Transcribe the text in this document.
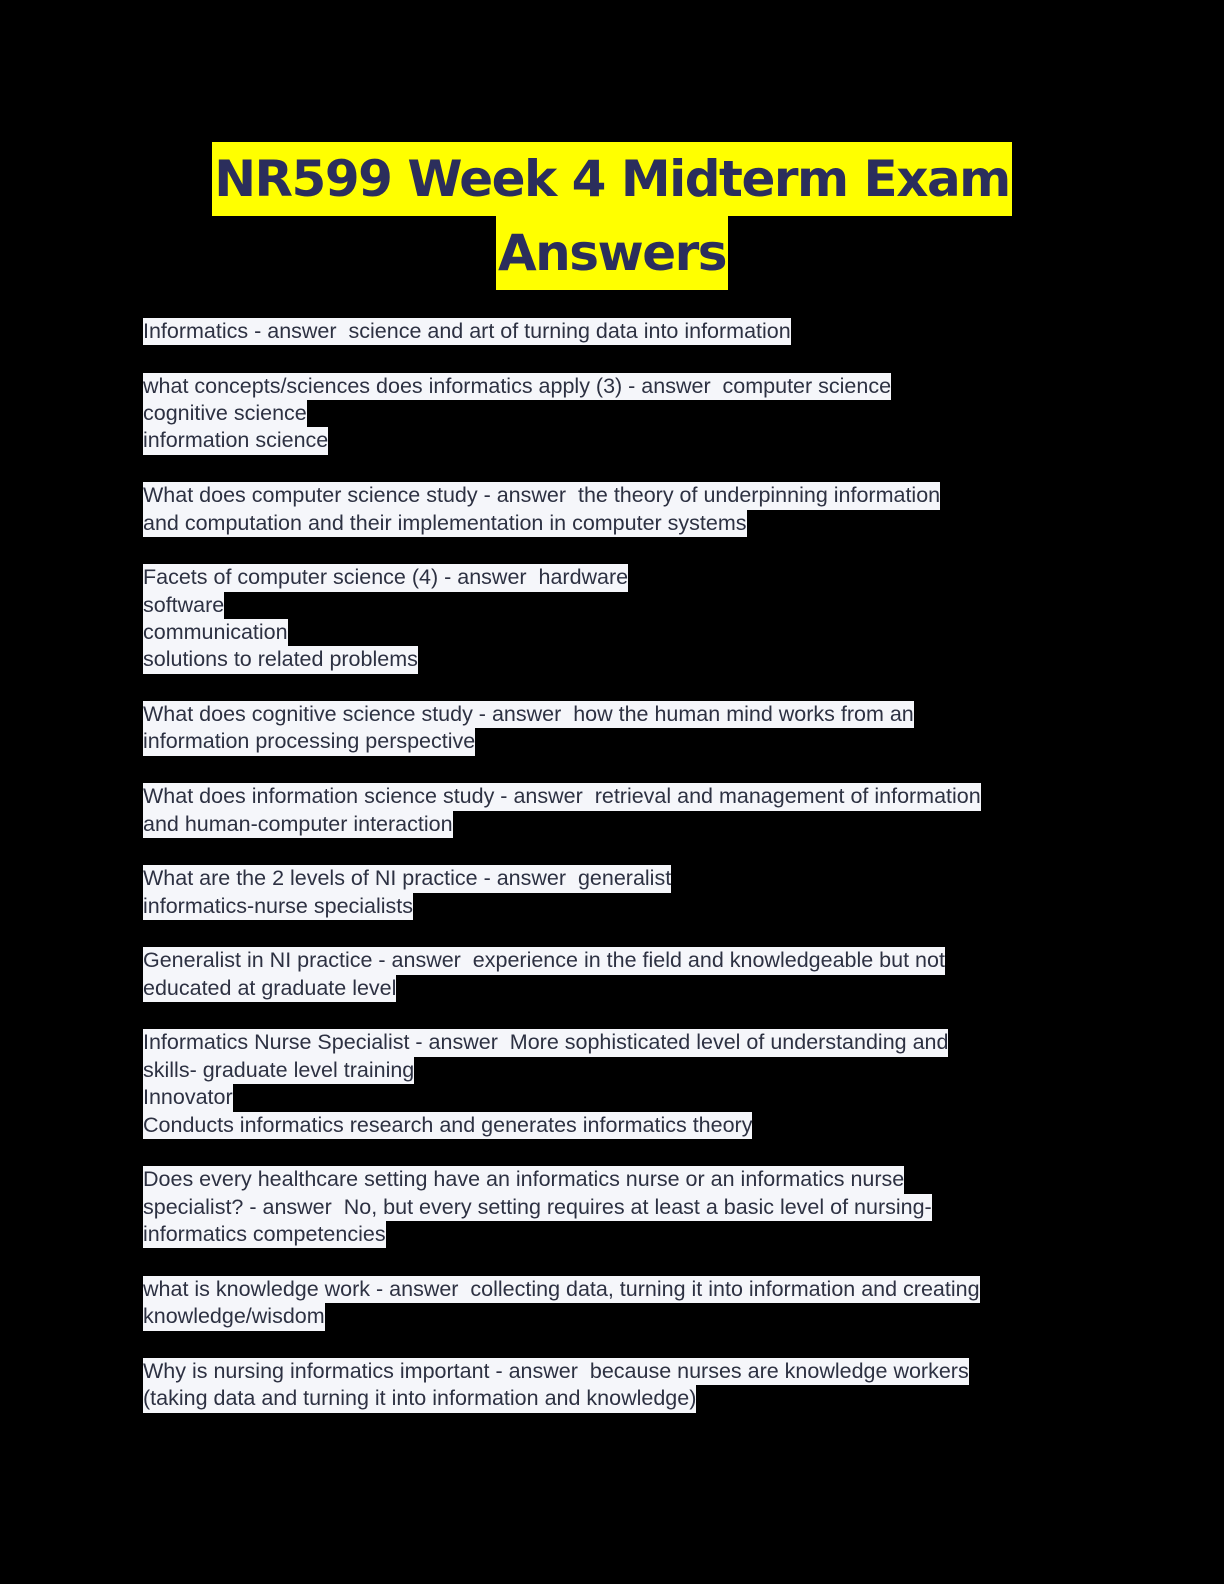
NR599 Week 4 Midterm Exam
Answers
Informatics - answer  science and art of turning data into information
what concepts/sciences does informatics apply (3) - answer  computer science
cognitive science
information science
What does computer science study - answer  the theory of underpinning information
and computation and their implementation in computer systems
Facets of computer science (4) - answer  hardware
software
communication
solutions to related problems
What does cognitive science study - answer  how the human mind works from an
information processing perspective
What does information science study - answer  retrieval and management of information
and human-computer interaction
What are the 2 levels of NI practice - answer  generalist
informatics-nurse specialists
Generalist in NI practice - answer  experience in the field and knowledgeable but not
educated at graduate level
Informatics Nurse Specialist - answer  More sophisticated level of understanding and
skills- graduate level training
Innovator
Conducts informatics research and generates informatics theory
Does every healthcare setting have an informatics nurse or an informatics nurse
specialist? - answer  No, but every setting requires at least a basic level of nursing-
informatics competencies
what is knowledge work - answer  collecting data, turning it into information and creating
knowledge/wisdom
Why is nursing informatics important - answer  because nurses are knowledge workers
(taking data and turning it into information and knowledge)
